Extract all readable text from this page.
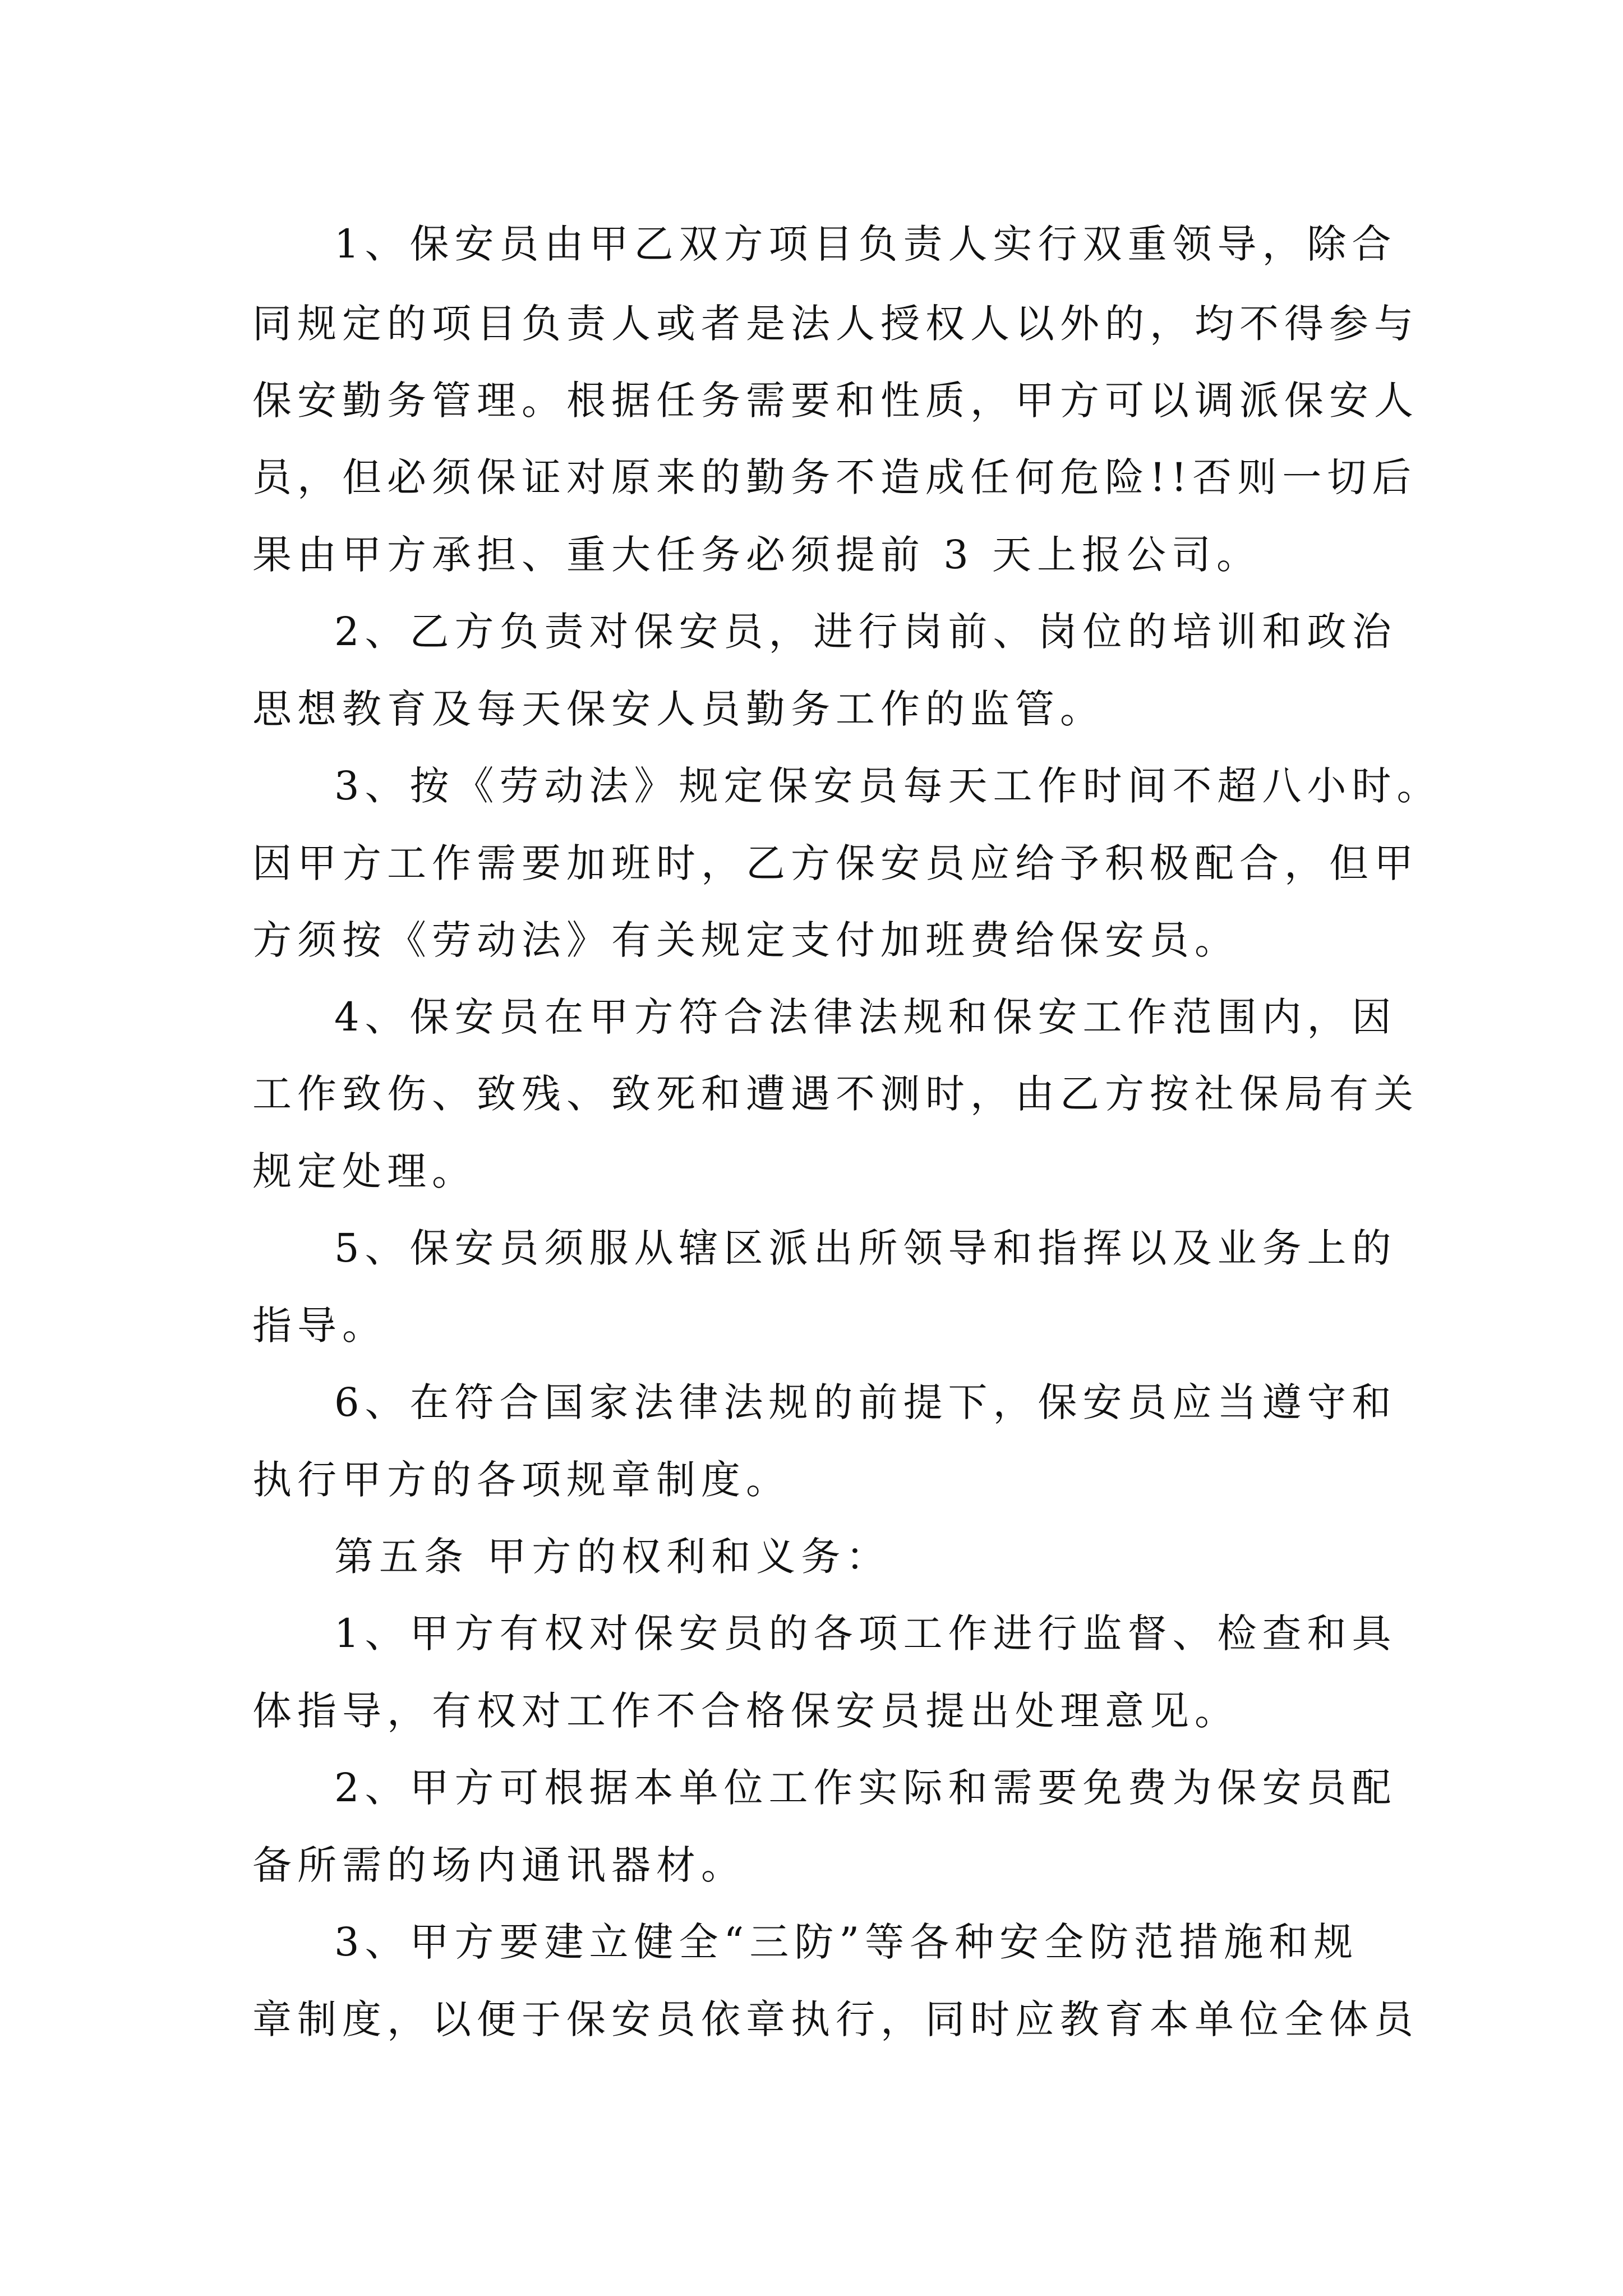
1、保安员由甲乙双方项目负责人实行双重领导，除合

同规定的项目负责人或者是法人授权人以外的，均不得参与

保安勤务管理。根据任务需要和性质，甲方可以调派保安人

员，但必须保证对原来的勤务不造成任何危险!!否则一切后

果由甲方承担、重大任务必须提前 3 天上报公司。

2、乙方负责对保安员，进行岗前、岗位的培训和政治

思想教育及每天保安人员勤务工作的监管。

3、按《劳动法》规定保安员每天工作时间不超八小时。

因甲方工作需要加班时，乙方保安员应给予积极配合，但甲

方须按《劳动法》有关规定支付加班费给保安员。

4、保安员在甲方符合法律法规和保安工作范围内，因

工作致伤、致残、致死和遭遇不测时，由乙方按社保局有关

规定处理。

5、保安员须服从辖区派出所领导和指挥以及业务上的

指导。

6、在符合国家法律法规的前提下，保安员应当遵守和

执行甲方的各项规章制度。

第五条 甲方的权利和义务：

1、甲方有权对保安员的各项工作进行监督、检查和具

体指导，有权对工作不合格保安员提出处理意见。

2、甲方可根据本单位工作实际和需要免费为保安员配

备所需的场内通讯器材。

3、甲方要建立健全“三防”等各种安全防范措施和规

章制度，以便于保安员依章执行，同时应教育本单位全体员
